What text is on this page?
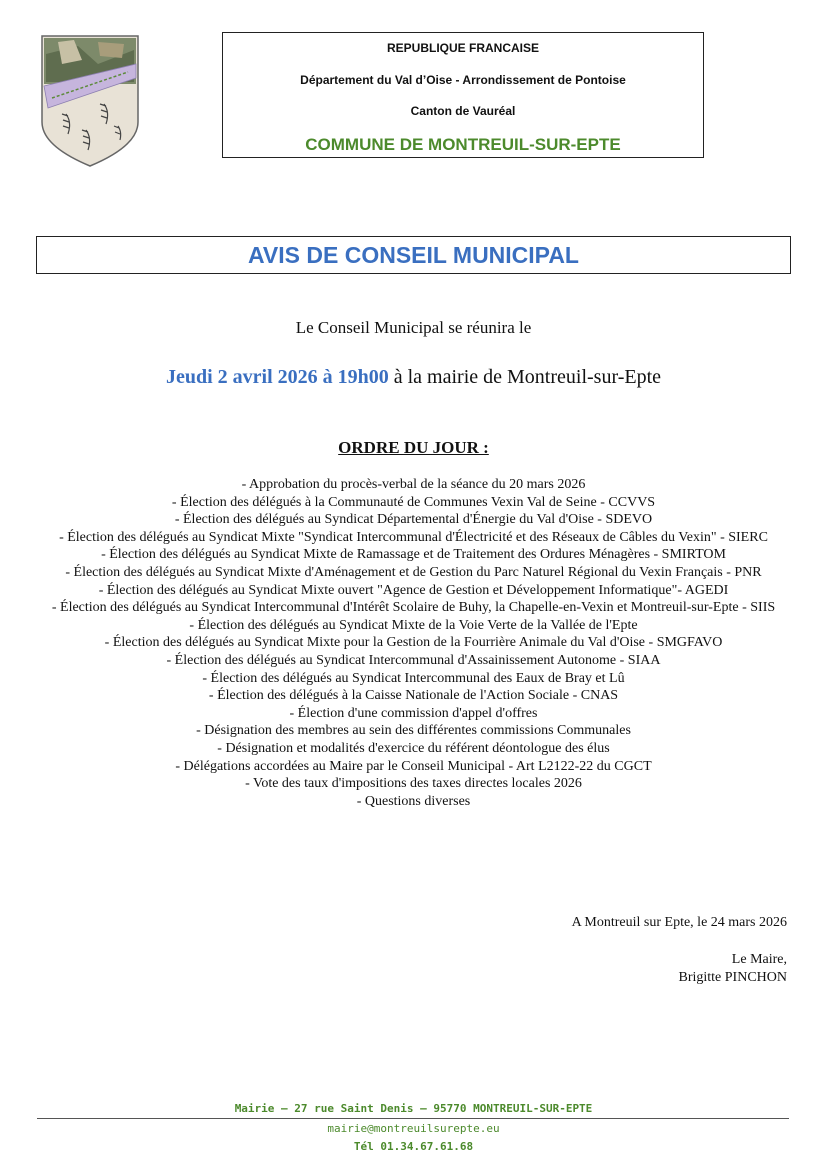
REPUBLIQUE FRANCAISE
Département du Val d’Oise - Arrondissement de Pontoise
Canton de Vauréal
COMMUNE DE MONTREUIL-SUR-EPTE
AVIS DE CONSEIL MUNICIPAL
Le Conseil Municipal se réunira le
Jeudi 2 avril 2026 à 19h00 à la mairie de Montreuil-sur-Epte
ORDRE DU JOUR :
- Approbation du procès-verbal de la séance du 20 mars 2026
- Élection des délégués à la Communauté de Communes Vexin Val de Seine - CCVVS
- Élection des délégués au Syndicat Départemental d'Énergie du Val d'Oise - SDEVO
- Élection des délégués au Syndicat Mixte "Syndicat Intercommunal d'Électricité et des Réseaux de Câbles du Vexin" - SIERC
- Élection des délégués au Syndicat Mixte de Ramassage et de Traitement des Ordures Ménagères - SMIRTOM
- Élection des délégués au Syndicat Mixte d'Aménagement et de Gestion du Parc Naturel Régional du Vexin Français - PNR
- Élection des délégués au Syndicat Mixte ouvert "Agence de Gestion et Développement Informatique"- AGEDI
- Élection des délégués au Syndicat Intercommunal d'Intérêt Scolaire de Buhy, la Chapelle-en-Vexin et Montreuil-sur-Epte - SIIS
- Élection des délégués au Syndicat Mixte de la Voie Verte de la Vallée de l'Epte
- Élection des délégués au Syndicat Mixte pour la Gestion de la Fourrière Animale du Val d'Oise - SMGFAVO
- Élection des délégués au Syndicat Intercommunal d'Assainissement Autonome - SIAA
- Élection des délégués au Syndicat Intercommunal des Eaux de Bray et Lû
- Élection des délégués à la Caisse Nationale de l'Action Sociale - CNAS
- Élection d'une commission d'appel d'offres
- Désignation des membres au sein des différentes commissions Communales
- Désignation et modalités d'exercice du référent déontologue des élus
- Délégations accordées au Maire par le Conseil Municipal - Art L2122-22 du CGCT
- Vote des taux d'impositions des taxes directes locales 2026
- Questions diverses
A Montreuil sur Epte, le 24 mars 2026
Le Maire,
Brigitte PINCHON
Mairie – 27 rue Saint Denis – 95770 MONTREUIL-SUR-EPTE
mairie@montreuilsurepte.eu
Tél 01.34.67.61.68
